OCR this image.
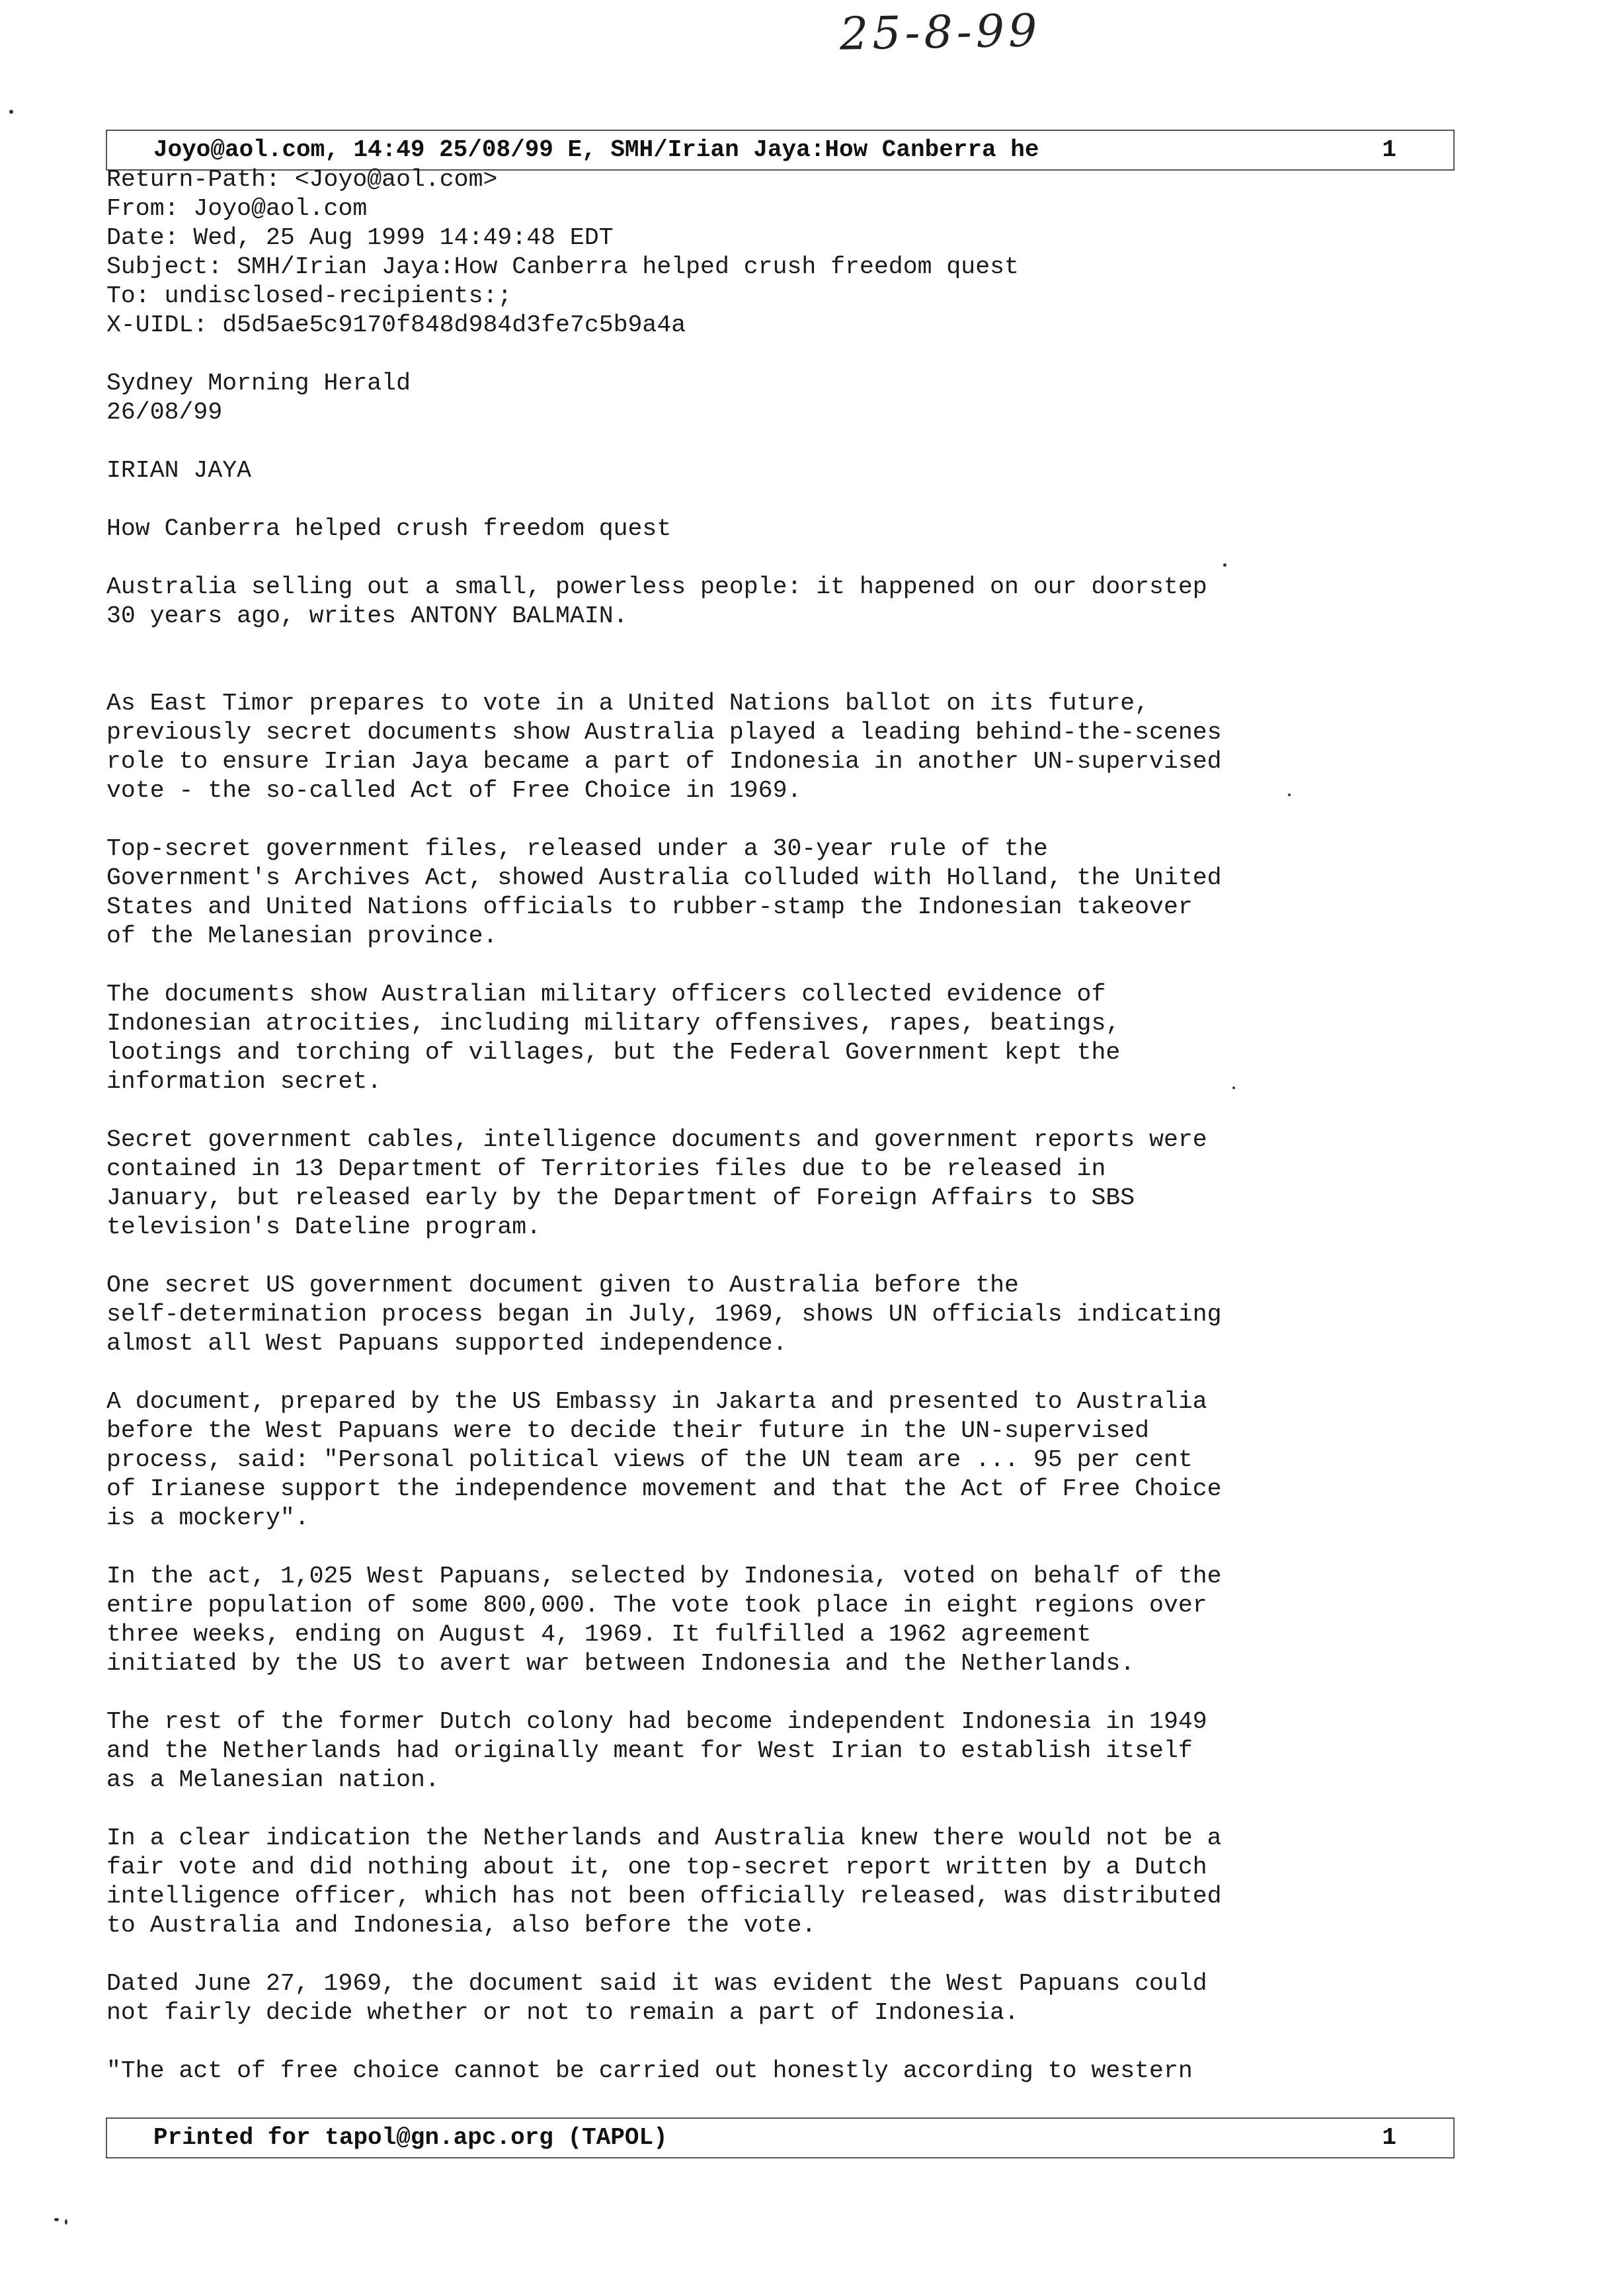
25-8-99
Joyo@aol.com, 14:49 25/08/99 E, SMH/Irian Jaya:How Canberra he	1
Return-Path: <Joyo@aol.com>
From: Joyo@aol.com
Date: Wed, 25 Aug 1999 14:49:48 EDT
Subject: SMH/Irian Jaya:How Canberra helped crush freedom quest
To: undisclosed-recipients:;
X-UIDL: d5d5ae5c9170f848d984d3fe7c5b9a4a
Sydney Morning Herald
26/08/99
IRIAN JAYA
How Canberra helped crush freedom quest
Australia selling out a small, powerless people: it happened on our doorstep
30 years ago, writes ANTONY BALMAIN.
As East Timor prepares to vote in a United Nations ballot on its future,
previously secret documents show Australia played a leading behind-the-scenes
role to ensure Irian Jaya became a part of Indonesia in another UN-supervised
vote - the so-called Act of Free Choice in 1969.
Top-secret government files, released under a 30-year rule of the
Government's Archives Act, showed Australia colluded with Holland, the United
States and United Nations officials to rubber-stamp the Indonesian takeover
of the Melanesian province.
The documents show Australian military officers collected evidence of
Indonesian atrocities, including military offensives, rapes, beatings,
lootings and torching of villages, but the Federal Government kept the
information secret.
Secret government cables, intelligence documents and government reports were
contained in 13 Department of Territories files due to be released in
January, but released early by the Department of Foreign Affairs to SBS
television's Dateline program.
One secret US government document given to Australia before the
self-determination process began in July, 1969, shows UN officials indicating
almost all West Papuans supported independence.
A document, prepared by the US Embassy in Jakarta and presented to Australia
before the West Papuans were to decide their future in the UN-supervised
process, said: "Personal political views of the UN team are ... 95 per cent
of Irianese support the independence movement and that the Act of Free Choice
is a mockery".
In the act, 1,025 West Papuans, selected by Indonesia, voted on behalf of the
entire population of some 800,000. The vote took place in eight regions over
three weeks, ending on August 4, 1969. It fulfilled a 1962 agreement
initiated by the US to avert war between Indonesia and the Netherlands.
The rest of the former Dutch colony had become independent Indonesia in 1949
and the Netherlands had originally meant for West Irian to establish itself
as a Melanesian nation.
In a clear indication the Netherlands and Australia knew there would not be a
fair vote and did nothing about it, one top-secret report written by a Dutch
intelligence officer, which has not been officially released, was distributed
to Australia and Indonesia, also before the vote.
Dated June 27, 1969, the document said it was evident the West Papuans could
not fairly decide whether or not to remain a part of Indonesia.
"The act of free choice cannot be carried out honestly according to western
Printed for tapol@gn.apc.org (TAPOL)	1
